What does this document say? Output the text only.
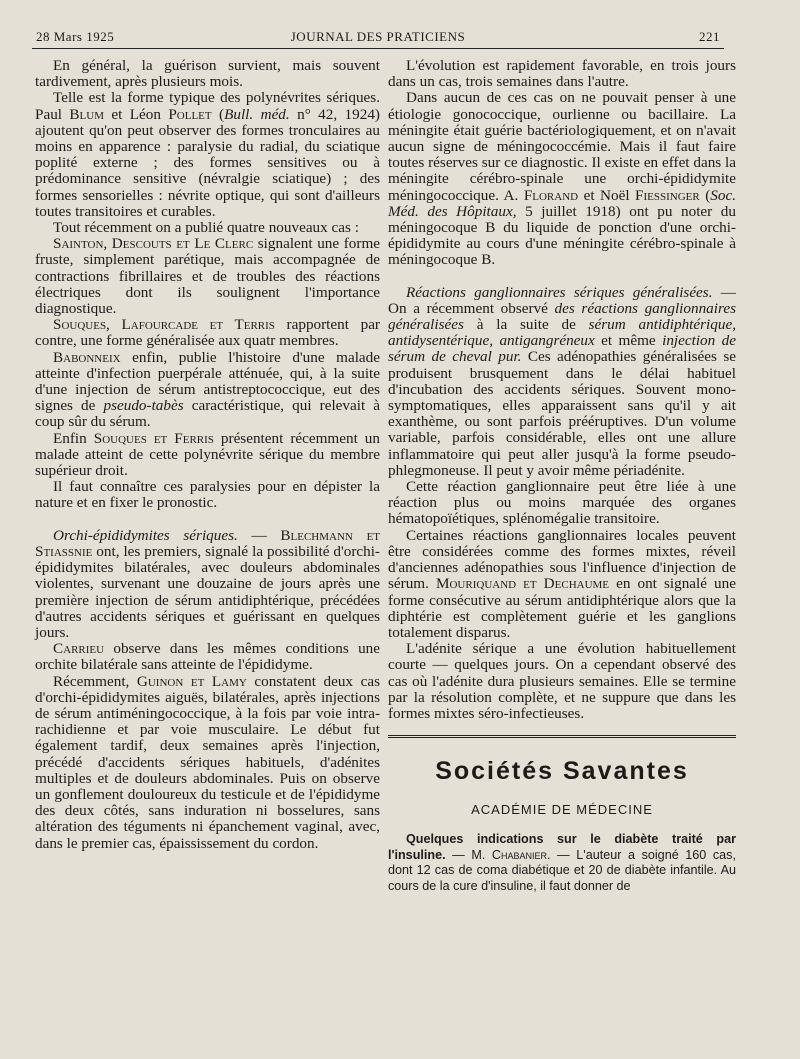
28 Mars 1925	JOURNAL DES PRATICIENS	221

En général, la guérison survient, mais souvent tardivement, après plusieurs mois.

Telle est la forme typique des polynévrites sériques. Paul Blum et Léon Pollet (Bull. méd. n° 42, 1924) ajoutent qu'on peut observer des formes tronculaires au moins en apparence : paralysie du radial, du sciatique poplité externe ; des formes sensitives ou à prédominance sensitive (névralgie sciatique) ; des formes sensorielles : névrite optique, qui sont d'ailleurs toutes transitoires et curables.

Tout récemment on a publié quatre nouveaux cas :

Sainton, Descouts et Le Clerc signalent une forme fruste, simplement parétique, mais accompagnée de contractions fibrillaires et de troubles des réactions électriques dont ils soulignent l'importance diagnostique.

Souques, Lafourcade et Terris rapportent par contre, une forme généralisée aux quatr membres.

Babonneix enfin, publie l'histoire d'une malade atteinte d'infection puerpérale atténuée, qui, à la suite d'une injection de sérum antistreptococcique, eut des signes de pseudo-tabès caractéristique, qui relevait à coup sûr du sérum.

Enfin Souques et Ferris présentent récemment un malade atteint de cette polynévrite sérique du membre supérieur droit.

Il faut connaître ces paralysies pour en dépister la nature et en fixer le pronostic.

Orchi-épididymites sériques. — Blechmann et Stiassnie ont, les premiers, signalé la possibilité d'orchi-épididymites bilatérales, avec douleurs abdominales violentes, survenant une douzaine de jours après une première injection de sérum antidiphtérique, précédées d'autres accidents sériques et guérissant en quelques jours.

Carrieu observe dans les mêmes conditions une orchite bilatérale sans atteinte de l'épididyme.

Récemment, Guinon et Lamy constatent deux cas d'orchi-épididymites aiguës, bilatérales, après injections de sérum antiméningococcique, à la fois par voie intra-rachidienne et par voie musculaire. Le début fut également tardif, deux semaines après l'injection, précédé d'accidents sériques habituels, d'adénites multiples et de douleurs abdominales. Puis on observe un gonflement douloureux du testicule et de l'épididyme des deux côtés, sans induration ni bosselures, sans altération des téguments ni épanchement vaginal, avec, dans le premier cas, épaississement du cordon.

L'évolution est rapidement favorable, en trois jours dans un cas, trois semaines dans l'autre.

Dans aucun de ces cas on ne pouvait penser à une étiologie gonococcique, ourlienne ou bacillaire. La méningite était guérie bactériologiquement, et on n'avait aucun signe de méningococcémie. Mais il faut faire toutes réserves sur ce diagnostic. Il existe en effet dans la méningite cérébro-spinale une orchi-épididymite méningococcique. A. Florand et Noël Fiessinger (Soc. Méd. des Hôpitaux, 5 juillet 1918) ont pu noter du méningocoque B du liquide de ponction d'une orchi-épididymite au cours d'une méningite cérébro-spinale à méningocoque B.

Réactions ganglionnaires sériques généralisées. — On a récemment observé des réactions ganglionnaires généralisées à la suite de sérum antidiphtérique, antidysentérique, antigangréneux et même injection de sérum de cheval pur. Ces adénopathies généralisées se produisent brusquement dans le délai habituel d'incubation des accidents sériques. Souvent mono-symptomatiques, elles apparaissent sans qu'il y ait exanthème, ou sont parfois prééruptives. D'un volume variable, parfois considérable, elles ont une allure inflammatoire qui peut aller jusqu'à la forme pseudo-phlegmoneuse. Il peut y avoir même périadénite.

Cette réaction ganglionnaire peut être liée à une réaction plus ou moins marquée des organes hématopoïétiques, splénomégalie transitoire.

Certaines réactions ganglionnaires locales peuvent être considérées comme des formes mixtes, réveil d'anciennes adénopathies sous l'influence d'injection de sérum. Mouriquand et Dechaume en ont signalé une forme consécutive au sérum antidiphtérique alors que la diphtérie est complètement guérie et les ganglions totalement disparus.

L'adénite sérique a une évolution habituellement courte — quelques jours. On a cependant observé des cas où l'adénite dura plusieurs semaines. Elle se termine par la résolution complète, et ne suppure que dans les formes mixtes séro-infectieuses.

Sociétés Savantes
ACADÉMIE DE MÉDECINE
Quelques indications sur le diabète traité par l'insuline. — M. Chabanier. — L'auteur a soigné 160 cas, dont 12 cas de coma diabétique et 20 de diabète infantile. Au cours de la cure d'insuline, il faut donner de
